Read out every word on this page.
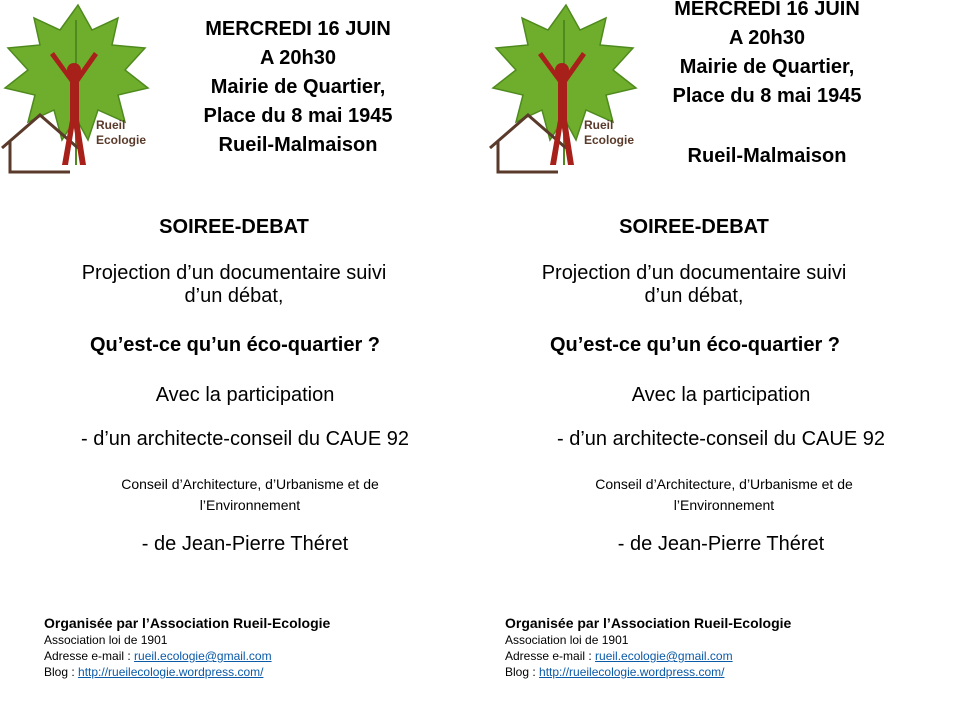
Rueil
Ecologie
MERCREDI 16 JUIN
A 20h30
Mairie de Quartier,
Place du 8 mai 1945
Rueil-Malmaison
SOIREE-DEBAT
Projection d’un documentaire suivi
d’un débat,
Qu’est-ce qu’un éco-quartier ?
Avec la participation
- d’un architecte-conseil du CAUE 92
Conseil d’Architecture, d’Urbanisme et de
l’Environnement
- de Jean-Pierre Théret
Organisée par l’Association Rueil-Ecologie
Association loi de 1901
Adresse e-mail : rueil.ecologie@gmail.com
Blog : http://rueilecologie.wordpress.com/
Rueil
Ecologie
MERCREDI 16 JUIN
A 20h30
Mairie de Quartier,
Place du 8 mai 1945
Rueil-Malmaison
SOIREE-DEBAT
Projection d’un documentaire suivi
d’un débat,
Qu’est-ce qu’un éco-quartier ?
Avec la participation
- d’un architecte-conseil du CAUE 92
Conseil d’Architecture, d’Urbanisme et de
l’Environnement
- de Jean-Pierre Théret
Organisée par l’Association Rueil-Ecologie
Association loi de 1901
Adresse e-mail : rueil.ecologie@gmail.com
Blog : http://rueilecologie.wordpress.com/
